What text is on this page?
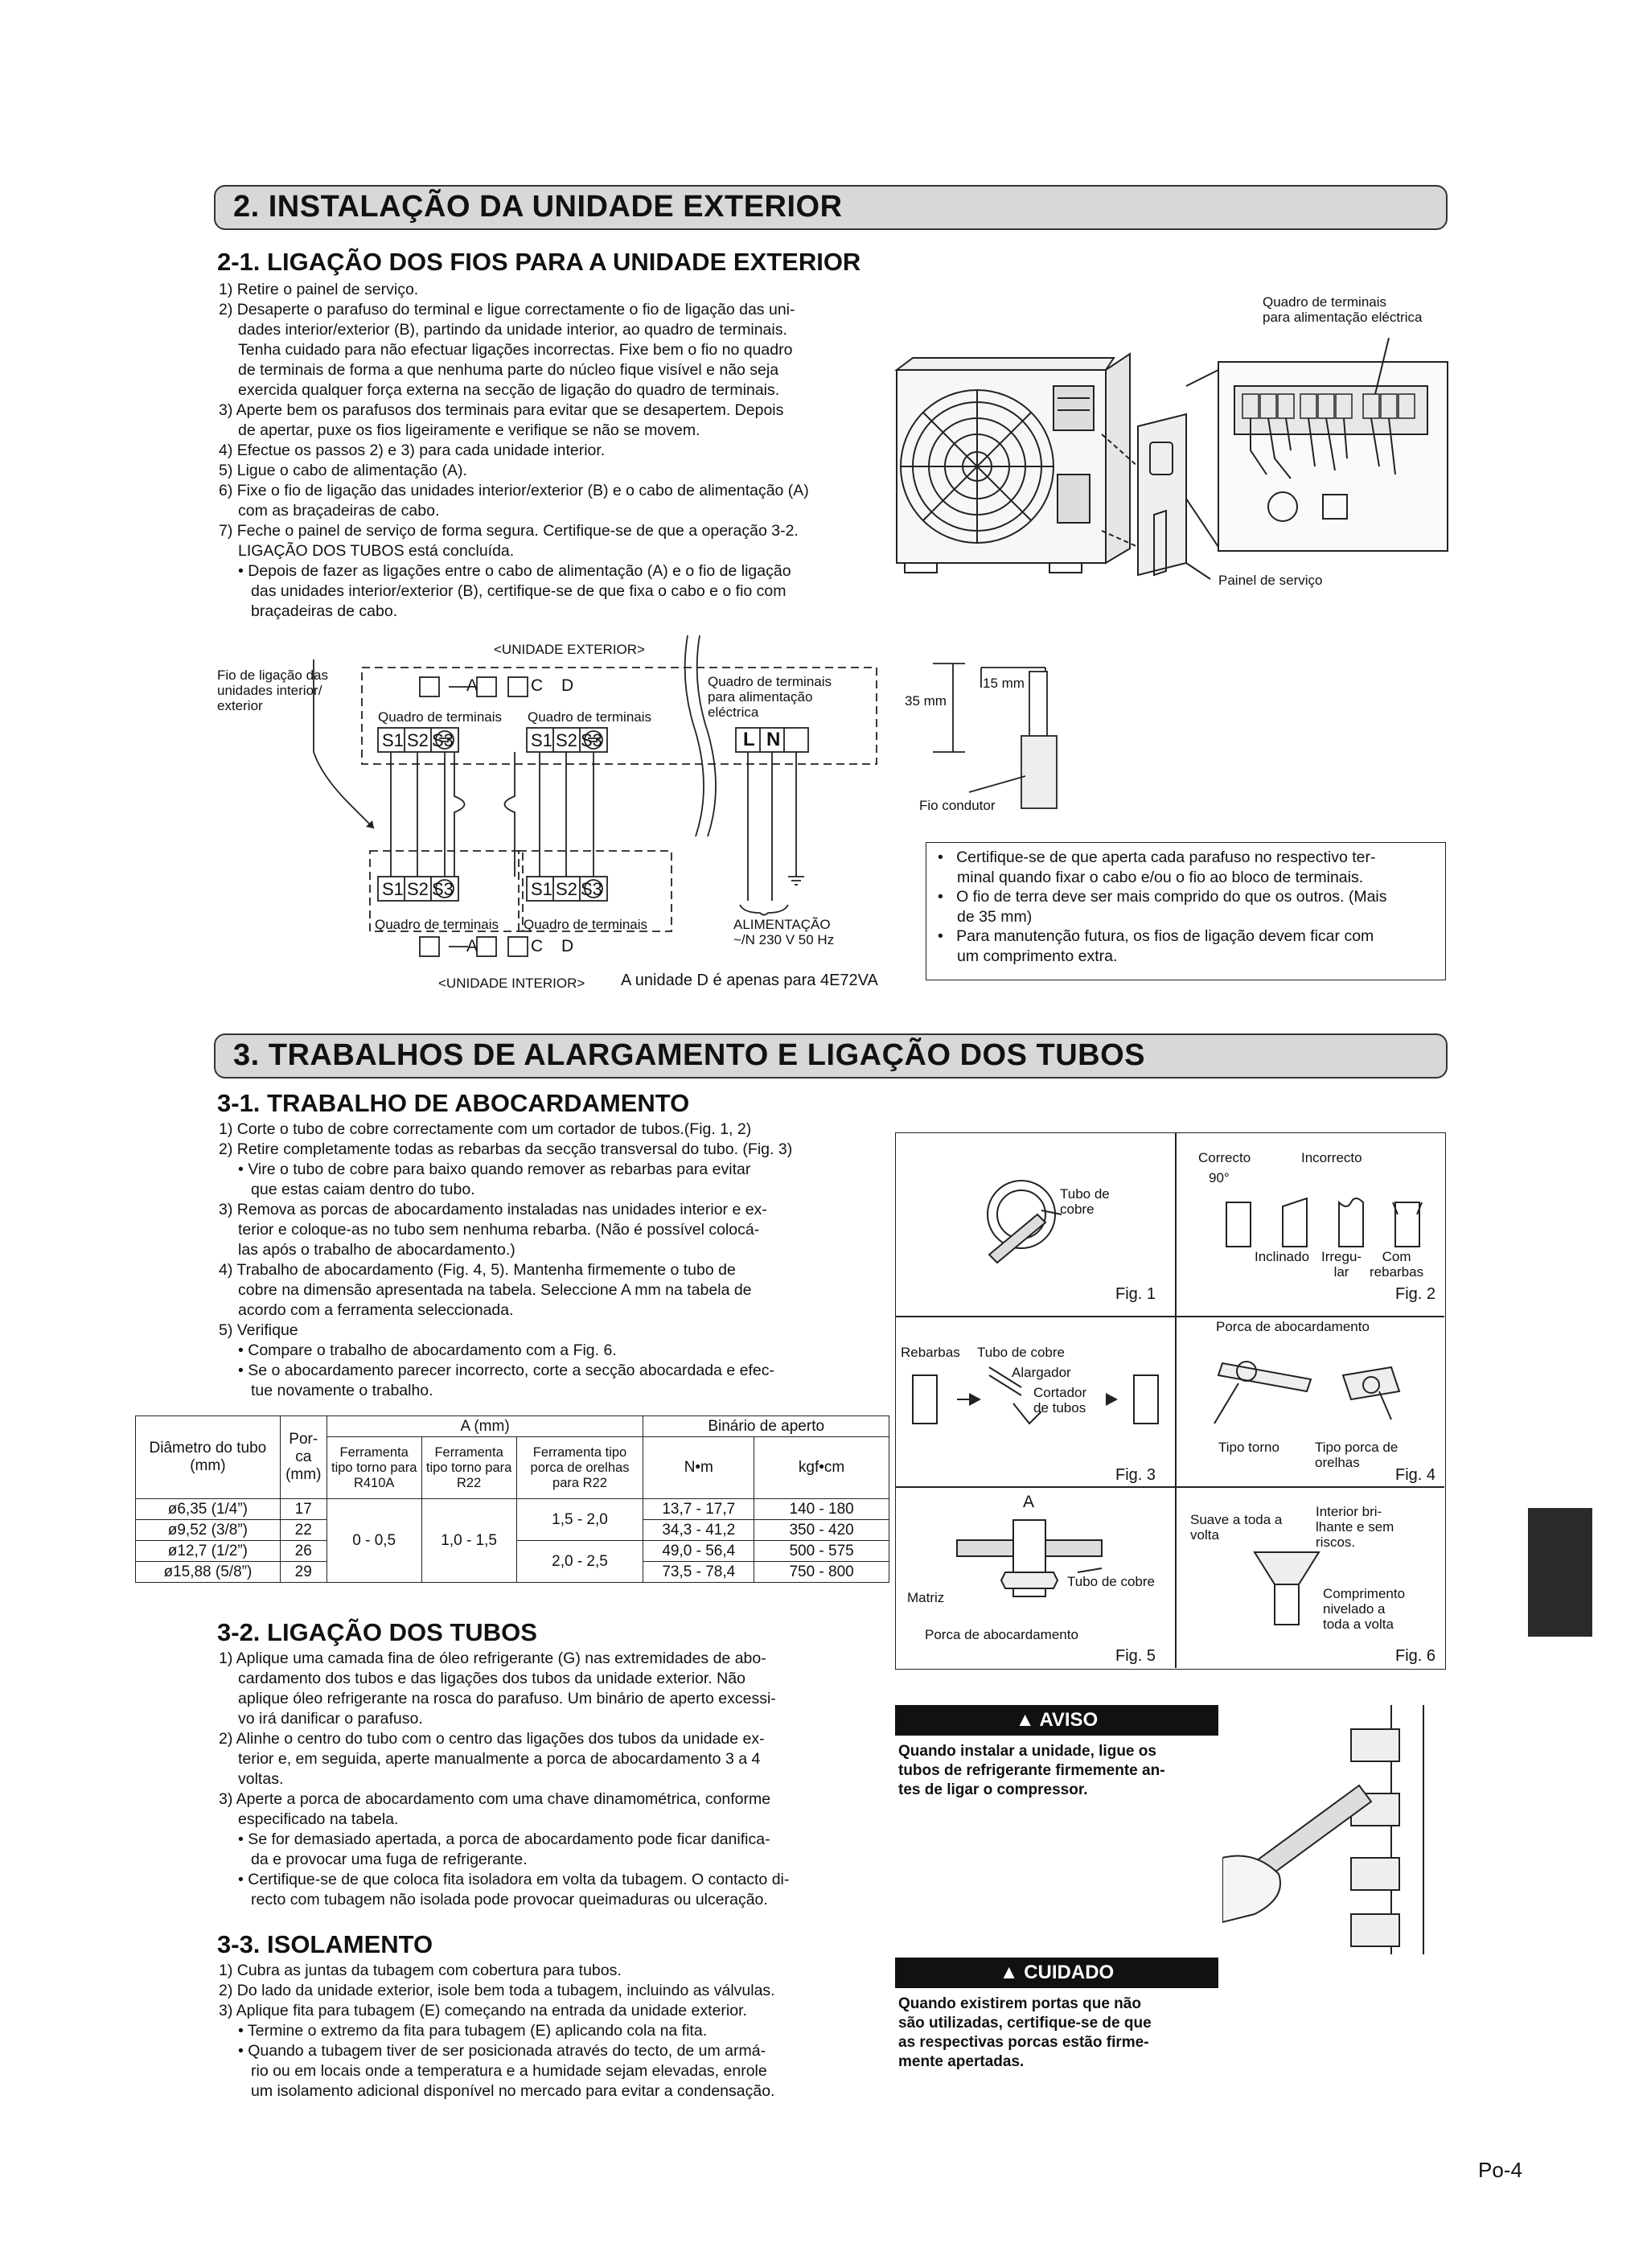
2. INSTALAÇÃO DA UNIDADE EXTERIOR
2-1. LIGAÇÃO DOS FIOS PARA A UNIDADE EXTERIOR
1) Retire o painel de serviço.
2) Desaperte o parafuso do terminal e ligue correctamente o fio de ligação das uni-
dades interior/exterior (B), partindo da unidade interior, ao quadro de terminais.
Tenha cuidado para não efectuar ligações incorrectas. Fixe bem o fio no quadro
de terminais de forma a que nenhuma parte do núcleo fique visível e não seja
exercida qualquer força externa na secção de ligação do quadro de terminais.
3) Aperte bem os parafusos dos terminais para evitar que se desapertem. Depois
de apertar, puxe os fios ligeiramente e verifique se não se movem.
4) Efectue os passos 2) e 3) para cada unidade interior.
5) Ligue o cabo de alimentação (A).
6) Fixe o fio de ligação das unidades interior/exterior (B) e o cabo de alimentação (A)
com as braçadeiras de cabo.
7) Feche o painel de serviço de forma segura. Certifique-se de que a operação 3-2.
LIGAÇÃO DOS TUBOS está concluída.
• Depois de fazer as ligações entre o cabo de alimentação (A) e o fio de ligação
das unidades interior/exterior (B), certifique-se de que fixa o cabo e o fio com
braçadeiras de cabo.
Quadro de terminais
para alimentação eléctrica
Painel de serviço
<UNIDADE EXTERIOR>
Fio de ligação das
unidades interior/
exterior
A	C D
Quadro de terminais Quadro de terminais
Quadro de terminais
para alimentação
eléctrica
S1 S2 S3	S1 S2 S3	L N
S1 S2 S3	S1 S2 S3
Quadro de terminais Quadro de terminais	ALIMENTAÇÃO
~/N 230 V 50 Hz
A	C D
<UNIDADE INTERIOR> A unidade D é apenas para 4E72VA
35 mm
15 mm
Fio condutor
•   Certifique-se de que aperta cada parafuso no respectivo ter-
minal quando fixar o cabo e/ou o fio ao bloco de terminais.
•   O fio de terra deve ser mais comprido do que os outros. (Mais
de 35 mm)
•   Para manutenção futura, os fios de ligação devem ficar com
um comprimento extra.
3. TRABALHOS DE ALARGAMENTO E LIGAÇÃO DOS TUBOS
3-1. TRABALHO DE ABOCARDAMENTO
1) Corte o tubo de cobre correctamente com um cortador de tubos.(Fig. 1, 2)
2) Retire completamente todas as rebarbas da secção transversal do tubo. (Fig. 3)
• Vire o tubo de cobre para baixo quando remover as rebarbas para evitar
que estas caiam dentro do tubo.
3) Remova as porcas de abocardamento instaladas nas unidades interior e ex-
terior e coloque-as no tubo sem nenhuma rebarba. (Não é possível colocá-
las após o trabalho de abocardamento.)
4) Trabalho de abocardamento (Fig. 4, 5). Mantenha firmemente o tubo de
cobre na dimensão apresentada na tabela. Seleccione A mm na tabela de
acordo com a ferramenta seleccionada.
5) Verifique
• Compare o trabalho de abocardamento com a Fig. 6.
• Se o abocardamento parecer incorrecto, corte a secção abocardada e efec-
tue novamente o trabalho.
Diâmetro do tubo (mm)	Por-ca (mm)	A (mm)			Binário de aperto	
		Ferramenta tipo torno para R410A	Ferramenta tipo torno para R22	Ferramenta tipo porca de orelhas para R22	N•m	kgf•cm
ø6,35 (1/4”)	17	0 - 0,5	1,0 - 1,5	1,5 - 2,0	13,7 - 17,7	140 - 180
ø9,52 (3/8”)	22				34,3 - 41,2	350 - 420
ø12,7 (1/2”)	26			2,0 - 2,5	49,0 - 56,4	500 - 575
ø15,88 (5/8”)	29				73,5 - 78,4	750 - 800
3-2. LIGAÇÃO DOS TUBOS
1) Aplique uma camada fina de óleo refrigerante (G) nas extremidades de abo-
cardamento dos tubos e das ligações dos tubos da unidade exterior. Não
aplique óleo refrigerante na rosca do parafuso. Um binário de aperto excessi-
vo irá danificar o parafuso.
2) Alinhe o centro do tubo com o centro das ligações dos tubos da unidade ex-
terior e, em seguida, aperte manualmente a porca de abocardamento 3 a 4
voltas.
3) Aperte a porca de abocardamento com uma chave dinamométrica, conforme
especificado na tabela.
• Se for demasiado apertada, a porca de abocardamento pode ficar danifica-
da e provocar uma fuga de refrigerante.
• Certifique-se de que coloca fita isoladora em volta da tubagem. O contacto di-
recto com tubagem não isolada pode provocar queimaduras ou ulceração.
3-3. ISOLAMENTO
1) Cubra as juntas da tubagem com cobertura para tubos.
2) Do lado da unidade exterior, isole bem toda a tubagem, incluindo as válvulas.
3) Aplique fita para tubagem (E) começando na entrada da unidade exterior.
• Termine o extremo da fita para tubagem (E) aplicando cola na fita.
• Quando a tubagem tiver de ser posicionada através do tecto, de um armá-
rio ou em locais onde a temperatura e a humidade sejam elevadas, enrole
um isolamento adicional disponível no mercado para evitar a condensação.
Tubo de
cobre
Fig. 1
Correcto	Incorrecto
90°
Inclinado Irregu-
lar
Com
rebarbas
Fig. 2
Rebarbas Tubo de cobre
Alargador
Cortador
de tubos
Fig. 3
Porca de abocardamento
Tipo torno	Tipo porca de
orelhas
Fig. 4
A
Matriz
Tubo de cobre
Porca de abocardamento
Fig. 5
Suave a toda a
volta
Interior bri-
lhante e sem
riscos.
Comprimento
nivelado a
toda a volta
Fig. 6
▲ AVISO
Quando instalar a unidade, ligue os
tubos de refrigerante firmemente an-
tes de ligar o compressor.
▲ CUIDADO
Quando existirem portas que não
são utilizadas, certifique-se de que
as respectivas porcas estão firme-
mente apertadas.
Po-4
